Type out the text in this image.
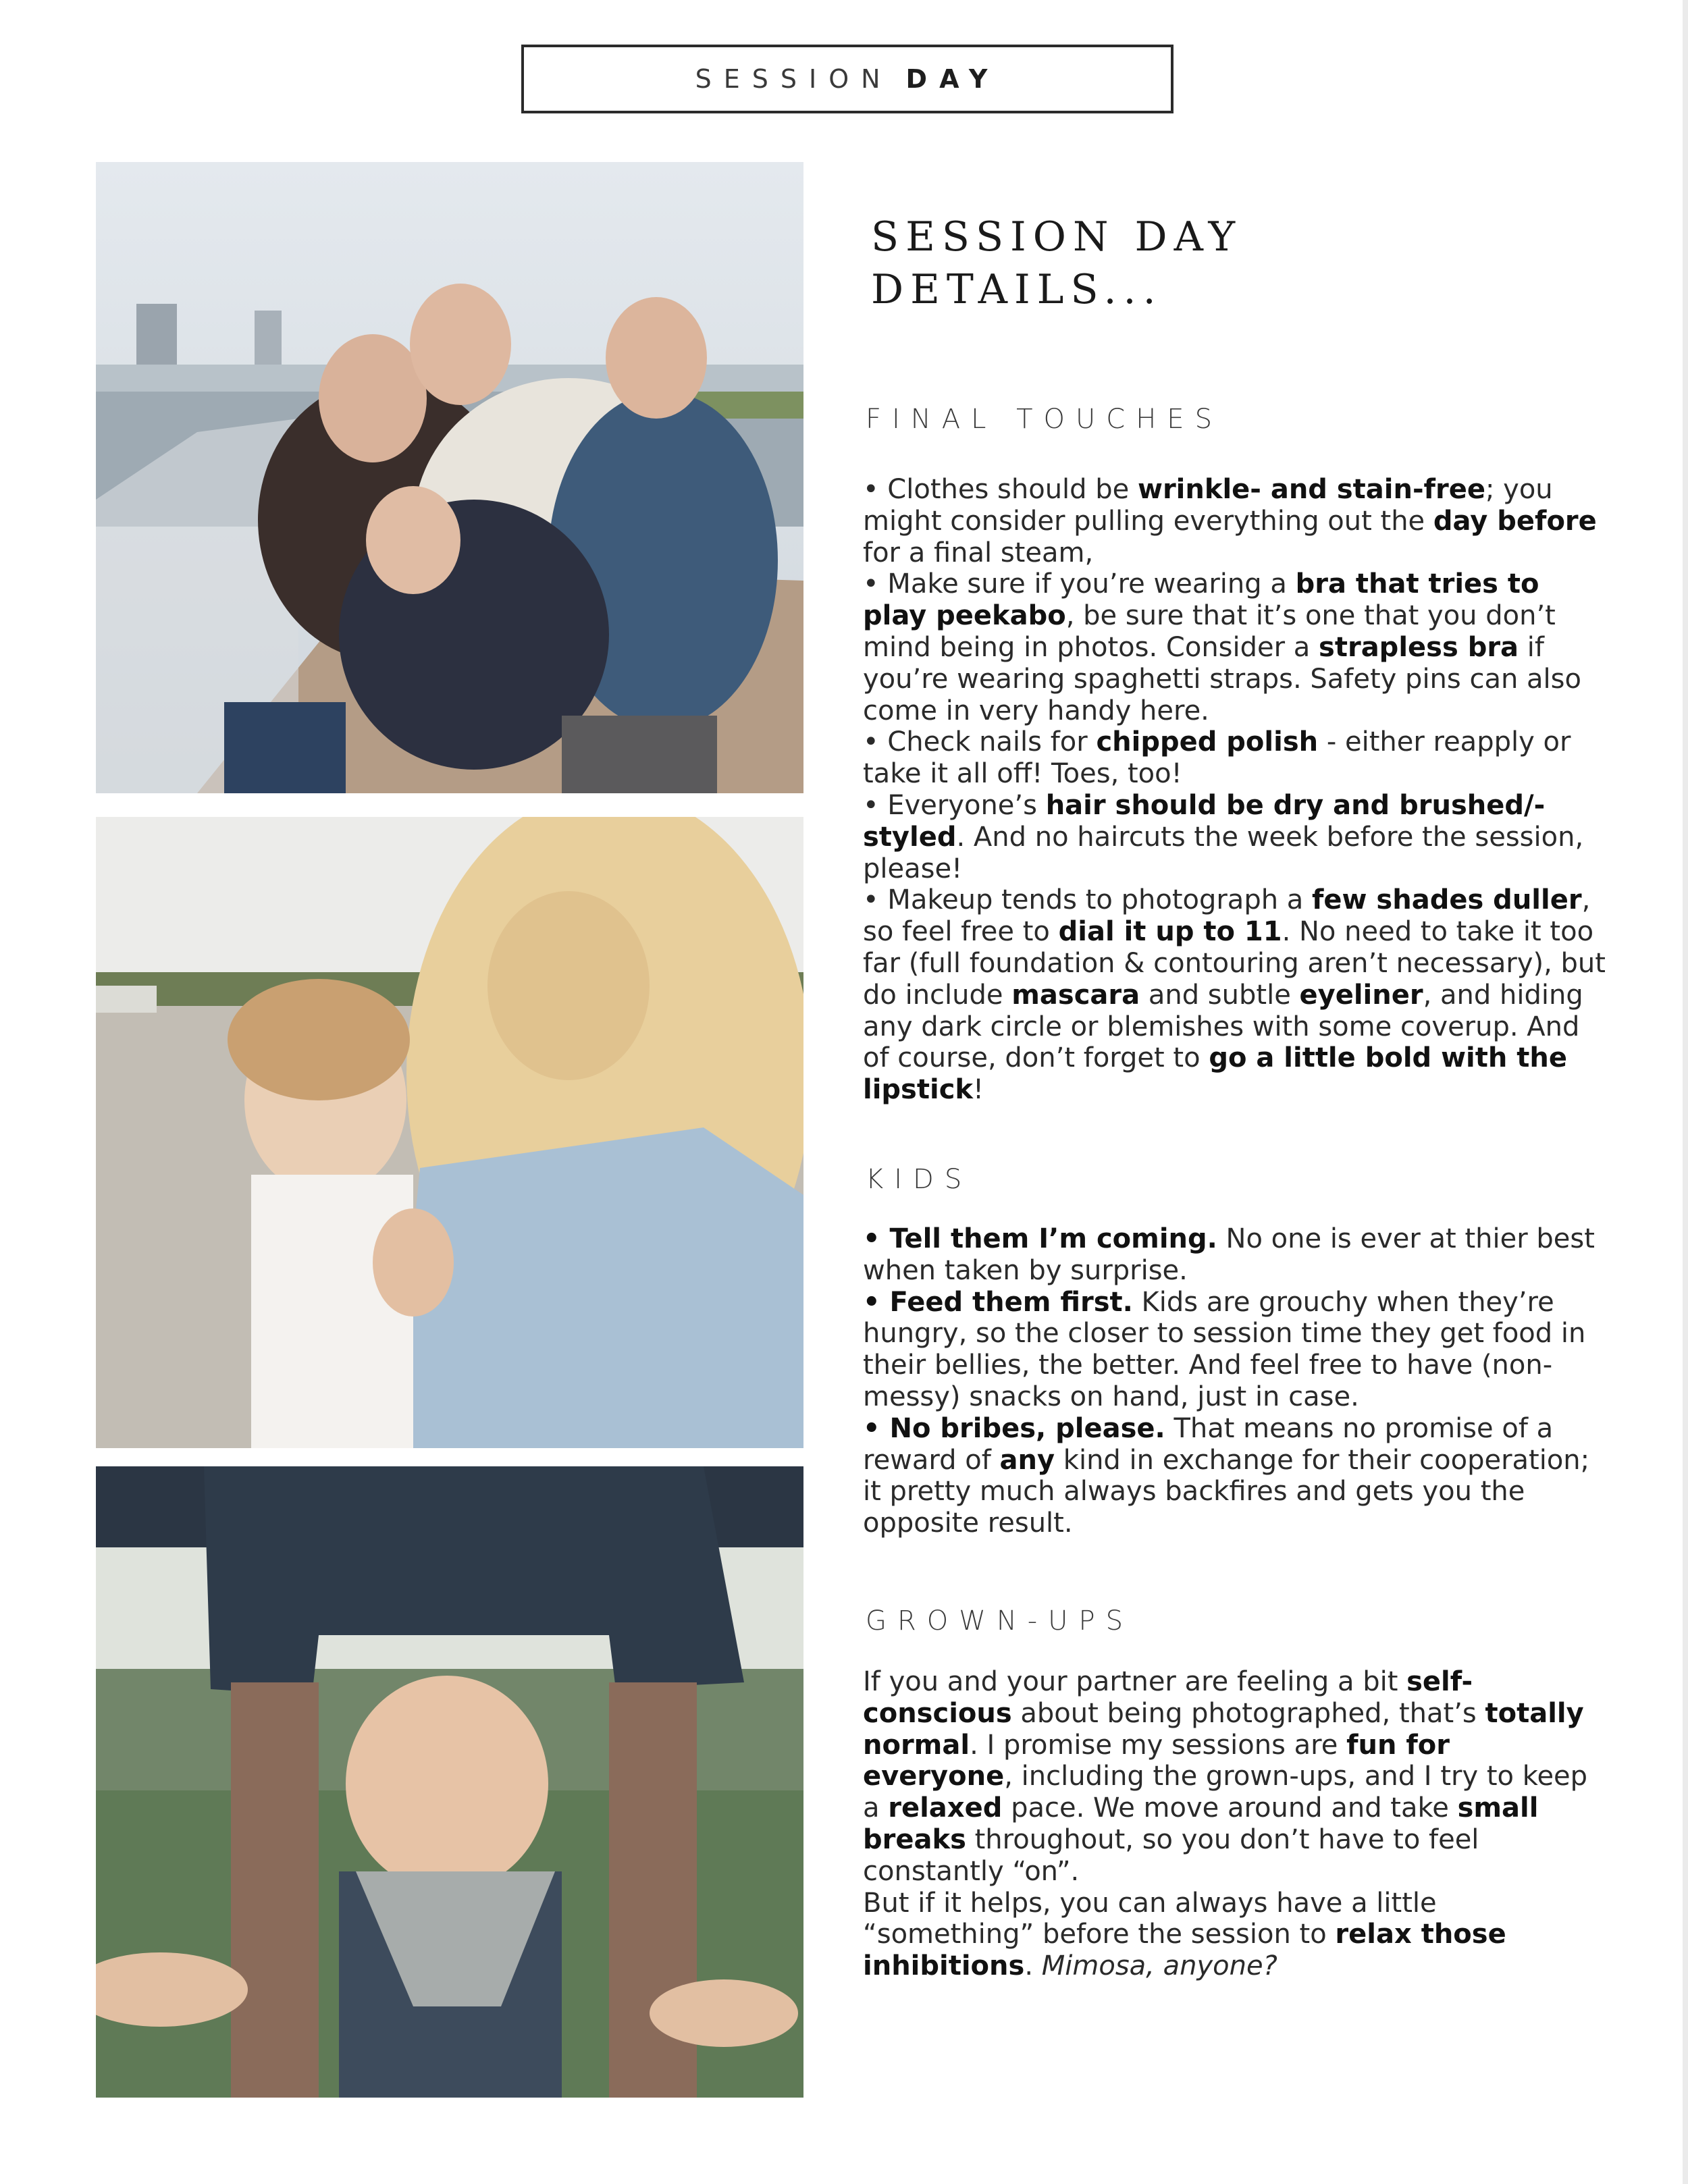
SESSION DAY
SESSION DAY
DETAILS...
FINAL TOUCHES

• Clothes should be wrinkle- and stain-free; you might consider pulling everything out the day before for a final steam,

• Make sure if you’re wearing a bra that tries to play peekabo, be sure that it’s one that you don’t mind being in photos. Consider a strapless bra if you’re wearing spaghetti straps. Safety pins can also come in very handy here.

• Check nails for chipped polish - either reapply or take it all off! Toes, too!

• Everyone’s hair should be dry and brushed/-styled. And no haircuts the week before the session, please!

• Makeup tends to photograph a few shades duller, so feel free to dial it up to 11. No need to take it too far (full foundation & contouring aren’t necessary), but do include mascara and subtle eyeliner, and hiding any dark circle or blemishes with some coverup. And of course, don’t forget to go a little bold with the lipstick!

KIDS

• Tell them I’m coming. No one is ever at thier best when taken by surprise.

• Feed them first. Kids are grouchy when they’re hungry, so the closer to session time they get food in their bellies, the better. And feel free to have (non-messy) snacks on hand, just in case.

• No bribes, please. That means no promise of a reward of any kind in exchange for their cooperation; it pretty much always backfires and gets you the opposite result.

GROWN-UPS

If you and your partner are feeling a bit self-conscious about being photographed, that’s totally normal. I promise my sessions are fun for everyone, including the grown-ups, and I try to keep a relaxed pace. We move around and take small breaks throughout, so you don’t have to feel constantly “on”.

But if it helps, you can always have a little “something” before the session to relax those inhibitions. Mimosa, anyone?
